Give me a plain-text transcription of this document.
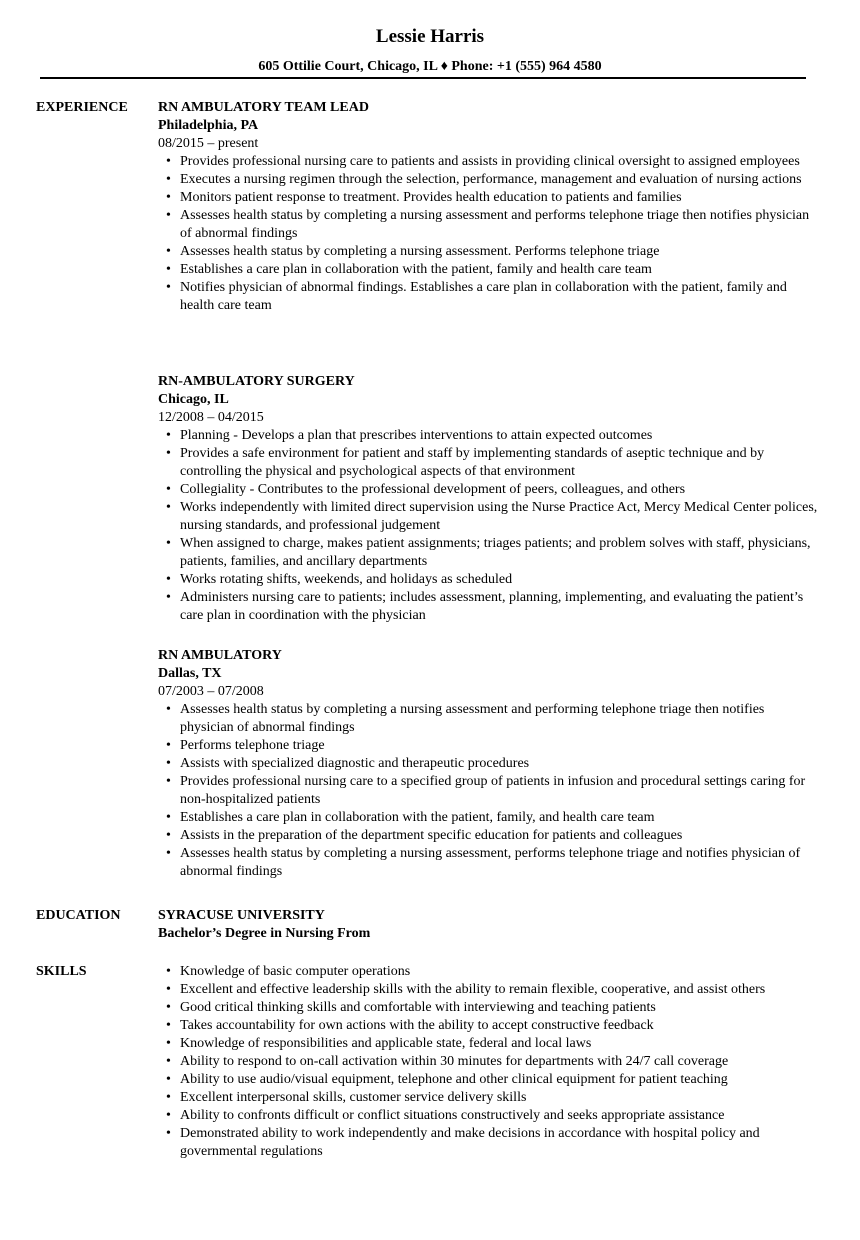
Lessie Harris
605 Ottilie Court, Chicago, IL ♦ Phone: +1 (555) 964 4580
EXPERIENCE RN AMBULATORY TEAM LEAD
Philadelphia, PA
08/2015 – present
• Provides professional nursing care to patients and assists in providing clinical oversight to assigned employees
• Executes a nursing regimen through the selection, performance, management and evaluation of nursing actions
• Monitors patient response to treatment. Provides health education to patients and families
• Assesses health status by completing a nursing assessment and performs telephone triage then notifies physician of abnormal findings
• Assesses health status by completing a nursing assessment. Performs telephone triage
• Establishes a care plan in collaboration with the patient, family and health care team
• Notifies physician of abnormal findings. Establishes a care plan in collaboration with the patient, family and health care team
RN-AMBULATORY SURGERY
Chicago, IL
12/2008 – 04/2015
• Planning - Develops a plan that prescribes interventions to attain expected outcomes
• Provides a safe environment for patient and staff by implementing standards of aseptic technique and by controlling the physical and psychological aspects of that environment
• Collegiality - Contributes to the professional development of peers, colleagues, and others
• Works independently with limited direct supervision using the Nurse Practice Act, Mercy Medical Center polices, nursing standards, and professional judgement
• When assigned to charge, makes patient assignments; triages patients; and problem solves with staff, physicians, patients, families, and ancillary departments
• Works rotating shifts, weekends, and holidays as scheduled
• Administers nursing care to patients; includes assessment, planning, implementing, and evaluating the patient’s care plan in coordination with the physician
RN AMBULATORY
Dallas, TX
07/2003 – 07/2008
• Assesses health status by completing a nursing assessment and performing telephone triage then notifies physician of abnormal findings
• Performs telephone triage
• Assists with specialized diagnostic and therapeutic procedures
• Provides professional nursing care to a specified group of patients in infusion and procedural settings caring for non-hospitalized patients
• Establishes a care plan in collaboration with the patient, family, and health care team
• Assists in the preparation of the department specific education for patients and colleagues
• Assesses health status by completing a nursing assessment, performs telephone triage and notifies physician of abnormal findings
EDUCATION	SYRACUSE UNIVERSITY
Bachelor’s Degree in Nursing From
SKILLS	• Knowledge of basic computer operations
• Excellent and effective leadership skills with the ability to remain flexible, cooperative, and assist others
• Good critical thinking skills and comfortable with interviewing and teaching patients
• Takes accountability for own actions with the ability to accept constructive feedback
• Knowledge of responsibilities and applicable state, federal and local laws
• Ability to respond to on-call activation within 30 minutes for departments with 24/7 call coverage
• Ability to use audio/visual equipment, telephone and other clinical equipment for patient teaching
• Excellent interpersonal skills, customer service delivery skills
• Ability to confronts difficult or conflict situations constructively and seeks appropriate assistance
• Demonstrated ability to work independently and make decisions in accordance with hospital policy and governmental regulations
